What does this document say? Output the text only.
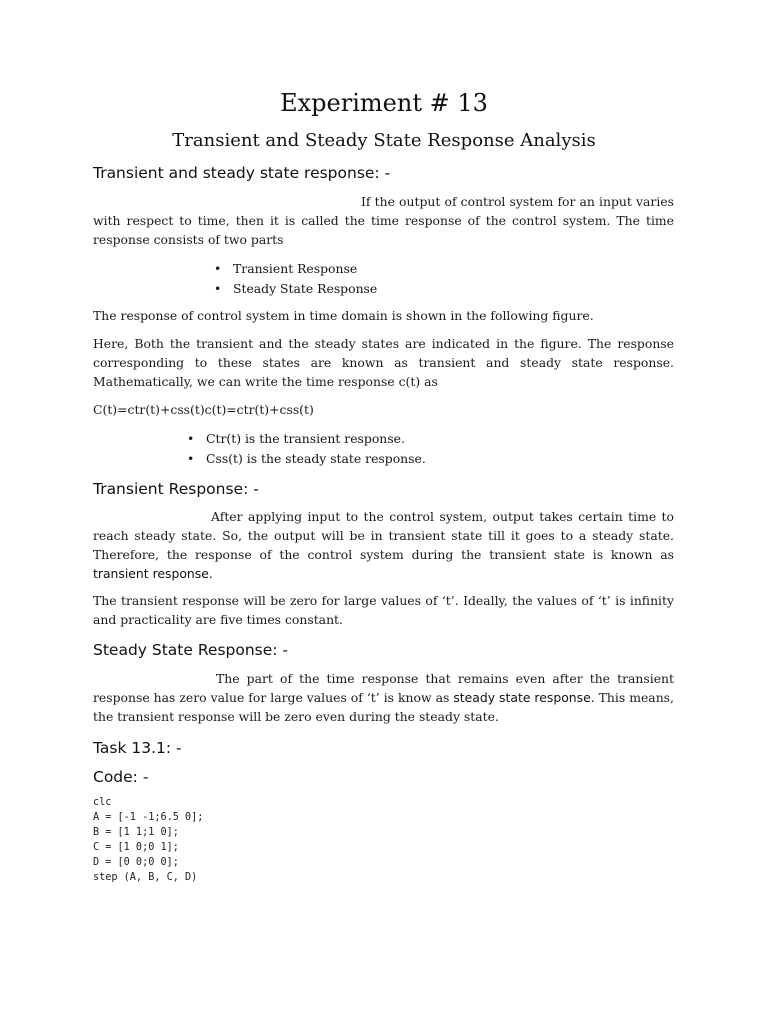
Experiment # 13
Transient and Steady State Response Analysis
Transient and steady state response: -
If the output of control system for an input varies with respect to time, then it is called the time response of the control system. The time response consists of two parts
• Transient Response
• Steady State Response
The response of control system in time domain is shown in the following figure.
Here, Both the transient and the steady states are indicated in the figure. The response corresponding to these states are known as transient and steady state response. Mathematically, we can write the time response c(t) as
C(t)=ctr(t)+css(t)c(t)=ctr(t)+css(t)
• Ctr(t) is the transient response.
• Css(t) is the steady state response.
Transient Response: -
After applying input to the control system, output takes certain time to reach steady state. So, the output will be in transient state till it goes to a steady state. Therefore, the response of the control system during the transient state is known as transient response.
The transient response will be zero for large values of ‘t’. Ideally, the values of ‘t’ is infinity and practicality are five times constant.
Steady State Response: -
The part of the time response that remains even after the transient response has zero value for large values of ‘t’ is know as steady state response. This means, the transient response will be zero even during the steady state.
Task 13.1: -
Code: -
clc
A = [-1 -1;6.5 0];
B = [1 1;1 0];
C = [1 0;0 1];
D = [0 0;0 0];
step (A, B, C, D)
